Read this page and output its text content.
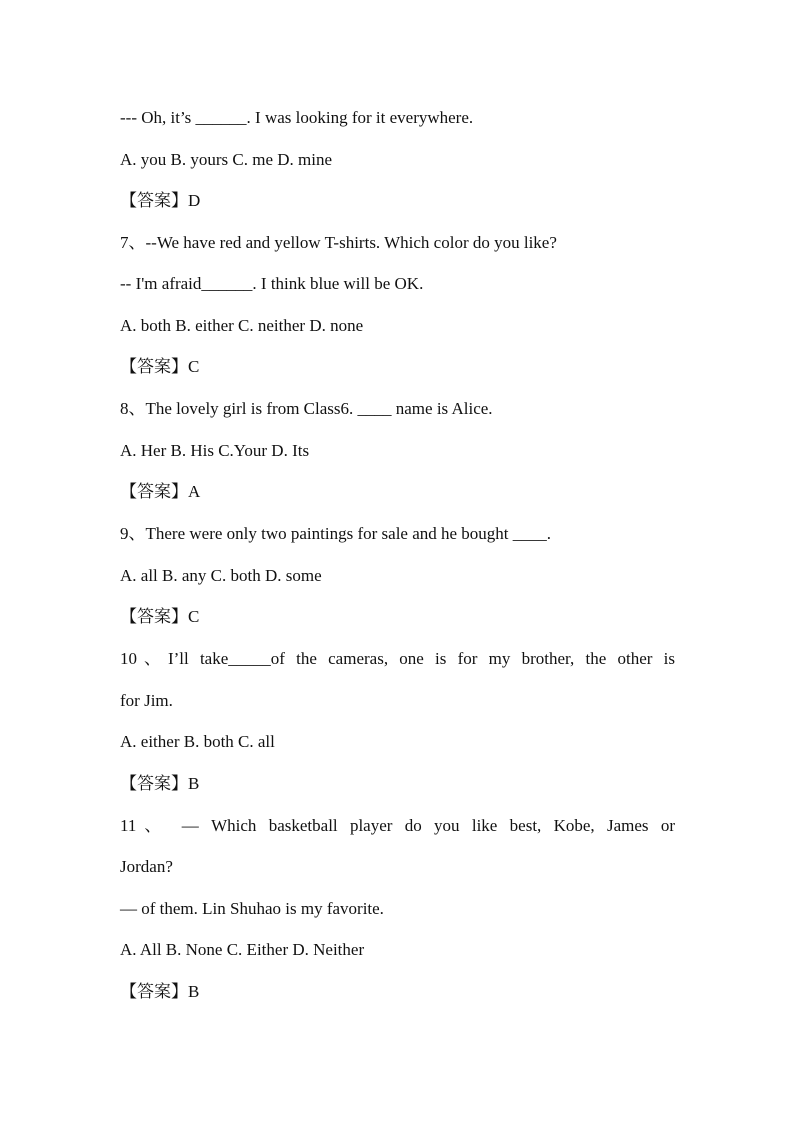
--- Oh, it’s ______. I was looking for it everywhere.

A. you B. yours C. me D. mine

【答案】D

7、--We have red and yellow T-shirts. Which color do you like?

-- I'm afraid______. I think blue will be OK.

A. both B. either C. neither D. none

【答案】C

8、The lovely girl is from Class6. ____ name is Alice.

A. Her B. His C.Your D. Its

【答案】A

9、There were only two paintings for sale and he bought ____.

A. all B. any C. both D. some

【答案】C

10、I’ll take_____of the cameras, one is for my brother, the other is

for Jim.

A. either B. both C. all

【答案】B

11、 — Which basketball player do you like best, Kobe, James or

Jordan?

— of them. Lin Shuhao is my favorite.

A. All B. None C. Either D. Neither

【答案】B
